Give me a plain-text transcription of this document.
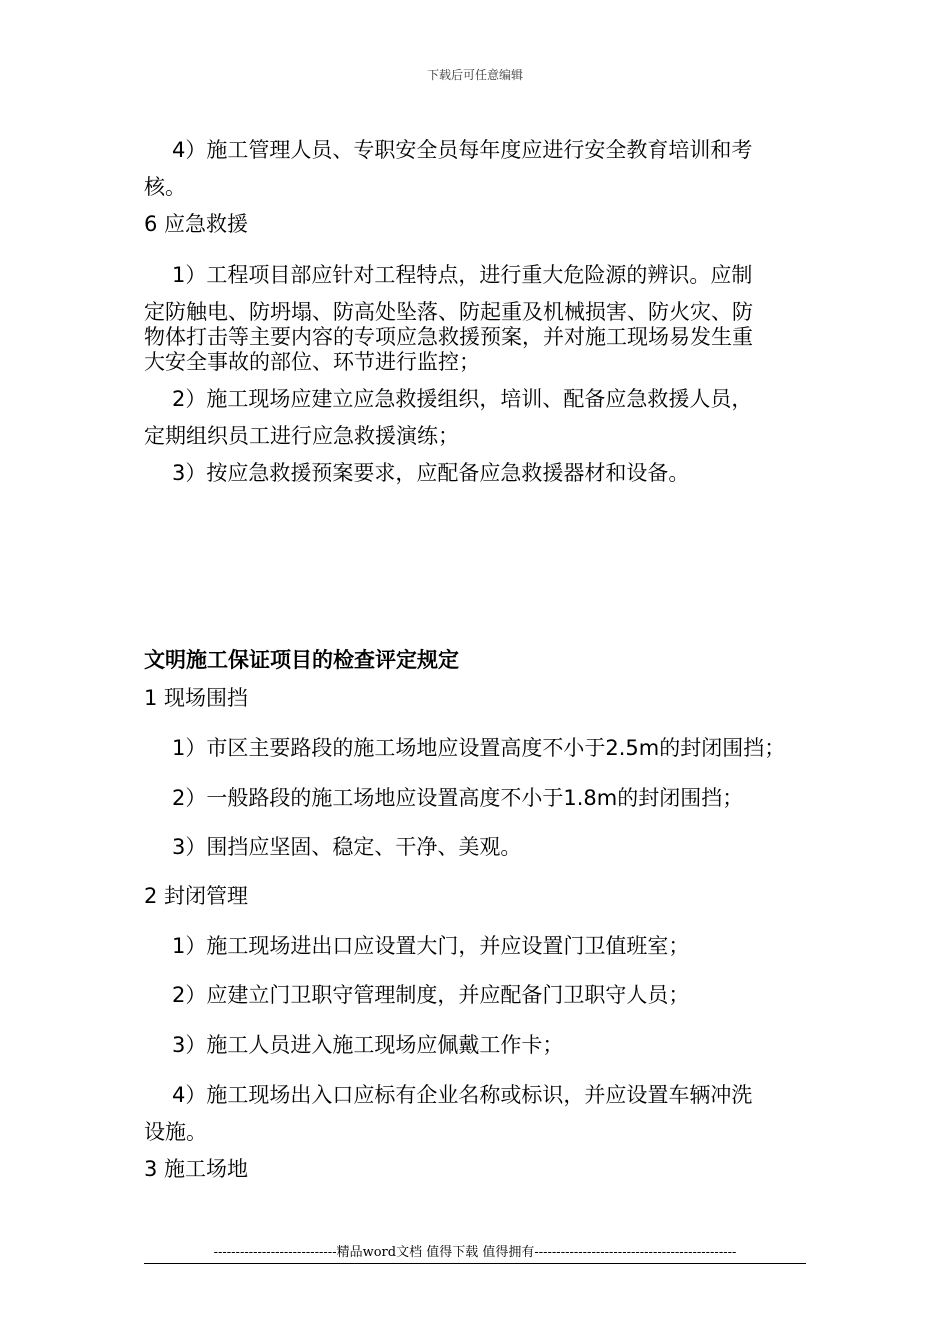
下载后可任意编辑
4）施工管理人员、专职安全员每年度应进行安全教育培训和考
核。
6 应急救援
1）工程项目部应针对工程特点，进行重大危险源的辨识。应制
定防触电、防坍塌、防高处坠落、防起重及机械损害、防火灾、防
物体打击等主要内容的专项应急救援预案，并对施工现场易发生重
大安全事故的部位、环节进行监控；
2）施工现场应建立应急救援组织，培训、配备应急救援人员，
定期组织员工进行应急救援演练；
3）按应急救援预案要求，应配备应急救援器材和设备。
文明施工保证项目的检查评定规定
1 现场围挡
1）市区主要路段的施工场地应设置高度不小于2.5m的封闭围挡；
2）一般路段的施工场地应设置高度不小于1.8m的封闭围挡；
3）围挡应坚固、稳定、干净、美观。
2 封闭管理
1）施工现场进出口应设置大门，并应设置门卫值班室；
2）应建立门卫职守管理制度，并应配备门卫职守人员；
3）施工人员进入施工现场应佩戴工作卡；
4）施工现场出入口应标有企业名称或标识，并应设置车辆冲洗
设施。
3 施工场地
----------------------------精品word文档 值得下载 值得拥有----------------------------------------------
